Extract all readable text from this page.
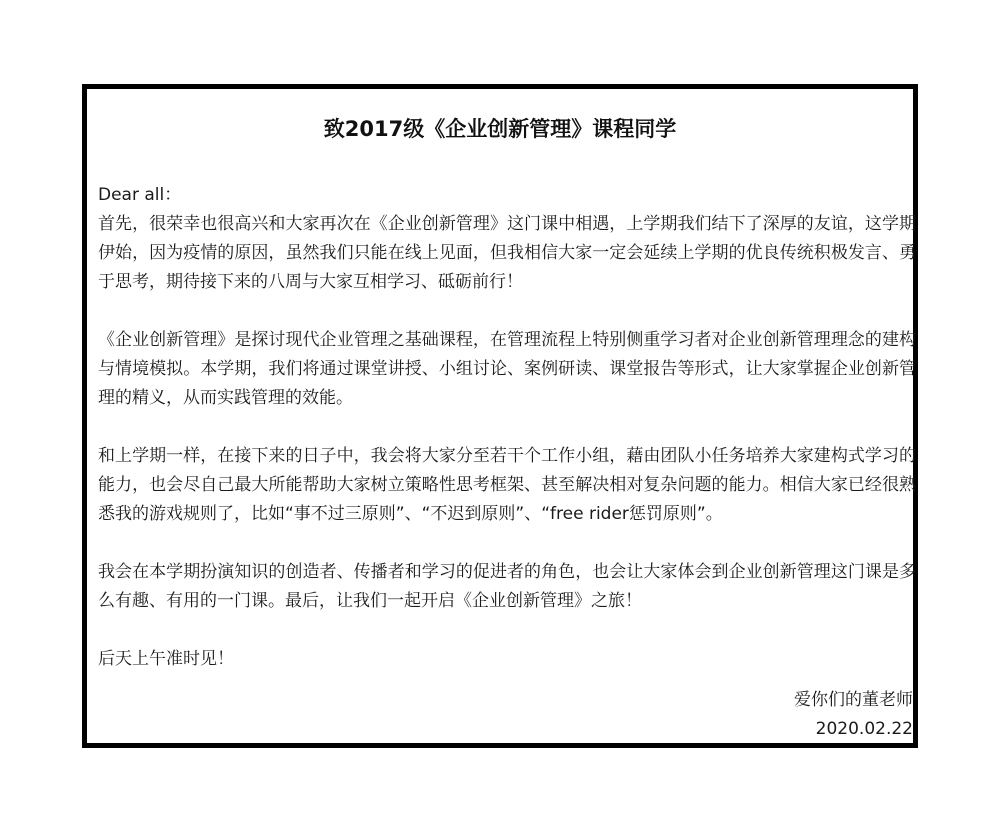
致2017级《企业创新管理》课程同学

Dear all：

首先，很荣幸也很高兴和大家再次在《企业创新管理》这门课中相遇，上学期我们结下了深厚的友谊，这学期伊始，因为疫情的原因，虽然我们只能在线上见面，但我相信大家一定会延续上学期的优良传统积极发言、勇于思考，期待接下来的八周与大家互相学习、砥砺前行！

《企业创新管理》是探讨现代企业管理之基础课程，在管理流程上特别侧重学习者对企业创新管理理念的建构与情境模拟。本学期，我们将通过课堂讲授、小组讨论、案例研读、课堂报告等形式，让大家掌握企业创新管理的精义，从而实践管理的效能。

和上学期一样，在接下来的日子中，我会将大家分至若干个工作小组，藉由团队小任务培养大家建构式学习的能力，也会尽自己最大所能帮助大家树立策略性思考框架、甚至解决相对复杂问题的能力。相信大家已经很熟悉我的游戏规则了，比如“事不过三原则”、“不迟到原则”、“free rider惩罚原则”。

我会在本学期扮演知识的创造者、传播者和学习的促进者的角色，也会让大家体会到企业创新管理这门课是多么有趣、有用的一门课。最后，让我们一起开启《企业创新管理》之旅！

后天上午准时见！

爱你们的董老师
2020.02.22
